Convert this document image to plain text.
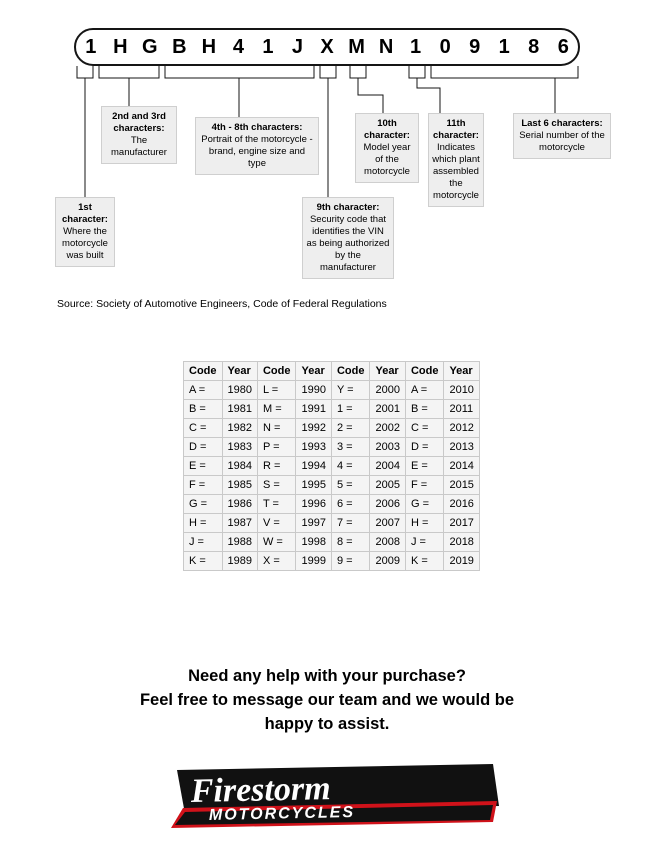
1 H G B H 4 1 J X M N 1 0 9 1 8 6
1st character: Where the motorcycle was built
2nd and 3rd characters: The manufacturer
4th - 8th characters: Portrait of the motorcycle - brand, engine size and type
9th character: Security code that identifies the VIN as being authorized by the manufacturer
10th character: Model year of the motorcycle
11th character: Indicates which plant assembled the motorcycle
Last 6 characters: Serial number of the motorcycle
Source: Society of Automotive Engineers, Code of Federal Regulations
Code	Year	Code	Year	Code	Year	Code	Year
A =	1980	L =	1990	Y =	2000	A =	2010
B =	1981	M =	1991	1 =	2001	B =	2011
C =	1982	N =	1992	2 =	2002	C =	2012
D =	1983	P =	1993	3 =	2003	D =	2013
E =	1984	R =	1994	4 =	2004	E =	2014
F =	1985	S =	1995	5 =	2005	F =	2015
G =	1986	T =	1996	6 =	2006	G =	2016
H =	1987	V =	1997	7 =	2007	H =	2017
J =	1988	W =	1998	8 =	2008	J =	2018
K =	1989	X =	1999	9 =	2009	K =	2019
Need any help with your purchase?
Feel free to message our team and we would be
happy to assist.
Firestorm
MOTORCYCLES
